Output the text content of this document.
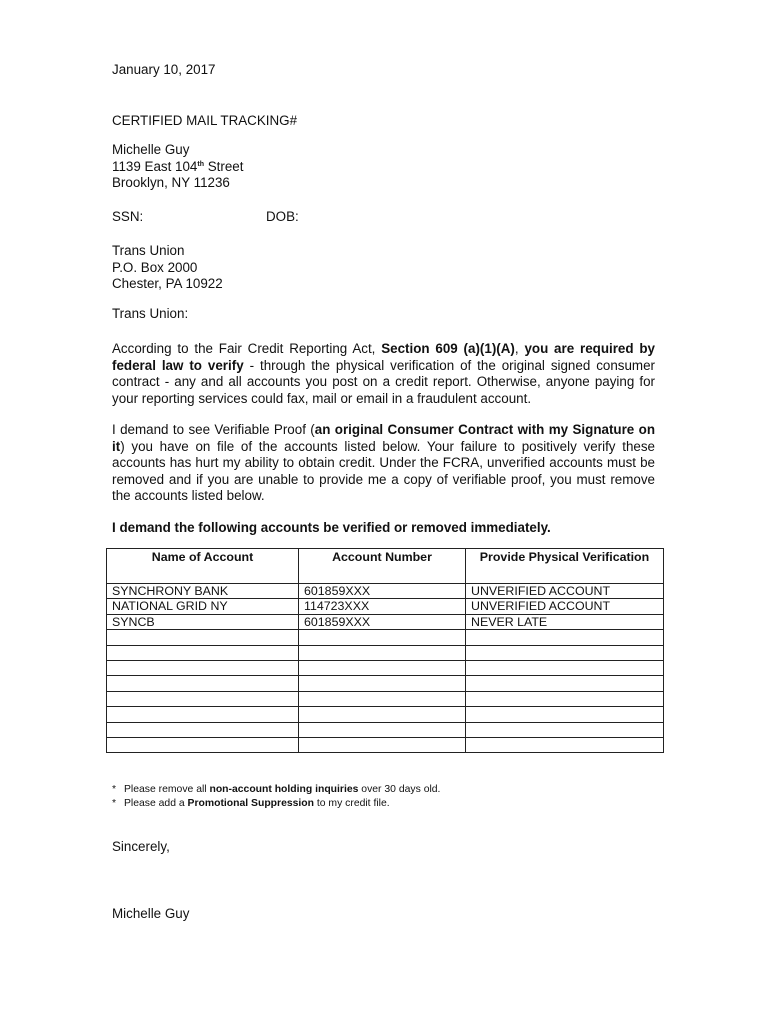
January 10, 2017

CERTIFIED MAIL TRACKING#

Michelle Guy
1139 East 104th Street
Brooklyn, NY 11236

SSN:	DOB:

Trans Union
P.O. Box 2000
Chester, PA 10922

Trans Union:

According to the Fair Credit Reporting Act, Section 609 (a)(1)(A), you are required by federal law to verify - through the physical verification of the original signed consumer contract - any and all accounts you post on a credit report. Otherwise, anyone paying for your reporting services could fax, mail or email in a fraudulent account.

I demand to see Verifiable Proof (an original Consumer Contract with my Signature on it) you have on file of the accounts listed below. Your failure to positively verify these accounts has hurt my ability to obtain credit. Under the FCRA, unverified accounts must be removed and if you are unable to provide me a copy of verifiable proof, you must remove the accounts listed below.

I demand the following accounts be verified or removed immediately.

Name of Account	Account Number	Provide Physical Verification
SYNCHRONY BANK	601859XXX	UNVERIFIED ACCOUNT
NATIONAL GRID NY	114723XXX	UNVERIFIED ACCOUNT
SYNCB	601859XXX	NEVER LATE

* Please remove all non-account holding inquiries over 30 days old.
* Please add a Promotional Suppression to my credit file.

Sincerely,

Michelle Guy
